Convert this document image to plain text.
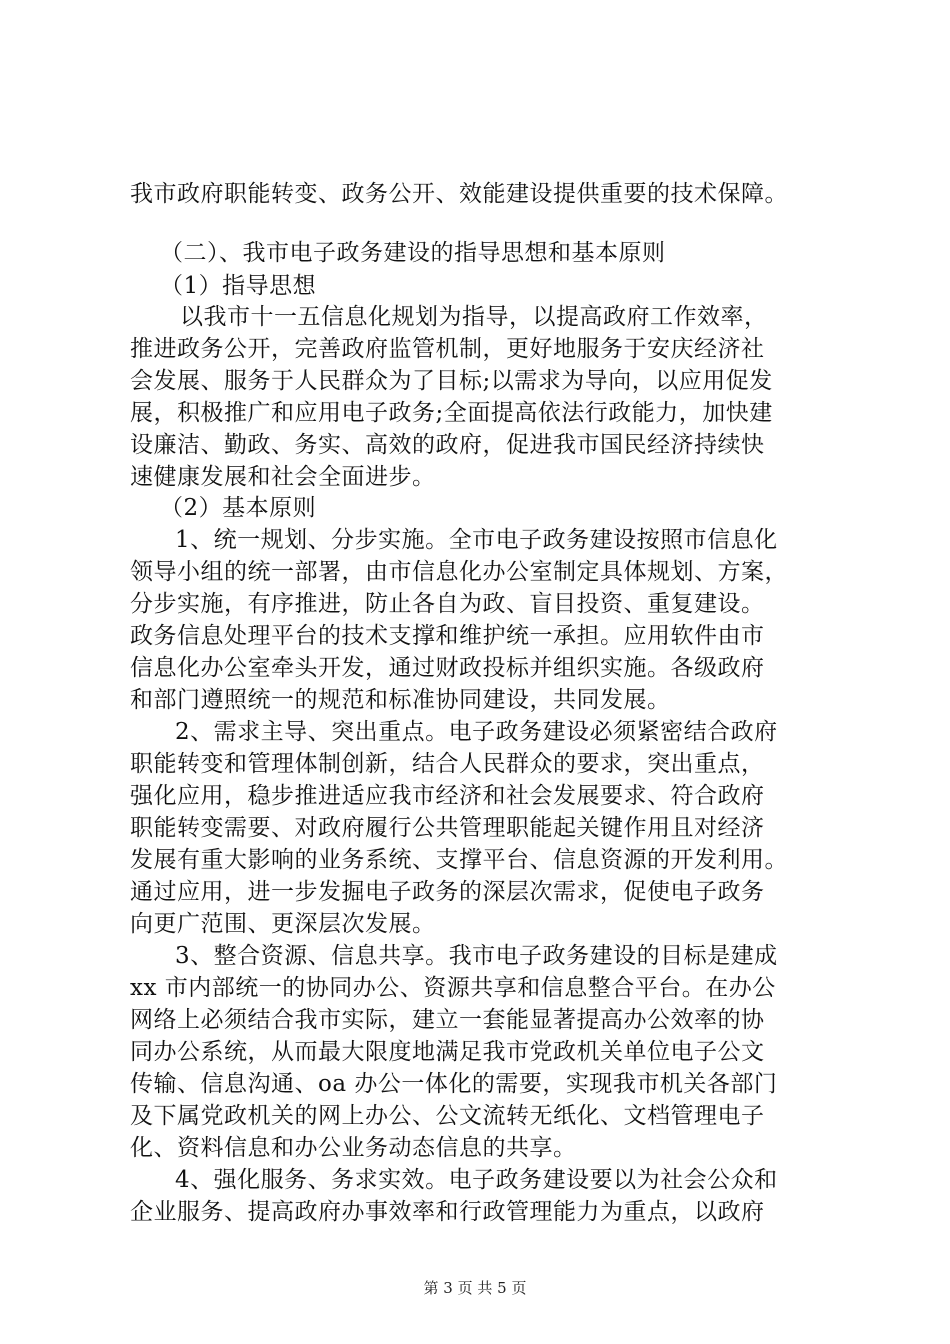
我市政府职能转变、政务公开、效能建设提供重要的技术保障。
（二）、我市电子政务建设的指导思想和基本原则
（1）指导思想
以我市十一五信息化规划为指导，以提高政府工作效率，
推进政务公开，完善政府监管机制，更好地服务于安庆经济社
会发展、服务于人民群众为了目标;以需求为导向，以应用促发
展，积极推广和应用电子政务;全面提高依法行政能力，加快建
设廉洁、勤政、务实、高效的政府，促进我市国民经济持续快
速健康发展和社会全面进步。
（2）基本原则
1、统一规划、分步实施。全市电子政务建设按照市信息化
领导小组的统一部署，由市信息化办公室制定具体规划、方案，
分步实施，有序推进，防止各自为政、盲目投资、重复建设。
政务信息处理平台的技术支撑和维护统一承担。应用软件由市
信息化办公室牵头开发，通过财政投标并组织实施。各级政府
和部门遵照统一的规范和标准协同建设，共同发展。
2、需求主导、突出重点。电子政务建设必须紧密结合政府
职能转变和管理体制创新，结合人民群众的要求，突出重点，
强化应用，稳步推进适应我市经济和社会发展要求、符合政府
职能转变需要、对政府履行公共管理职能起关键作用且对经济
发展有重大影响的业务系统、支撑平台、信息资源的开发利用。
通过应用，进一步发掘电子政务的深层次需求，促使电子政务
向更广范围、更深层次发展。
3、整合资源、信息共享。我市电子政务建设的目标是建成
xx 市内部统一的协同办公、资源共享和信息整合平台。在办公
网络上必须结合我市实际，建立一套能显著提高办公效率的协
同办公系统，从而最大限度地满足我市党政机关单位电子公文
传输、信息沟通、oa 办公一体化的需要，实现我市机关各部门
及下属党政机关的网上办公、公文流转无纸化、文档管理电子
化、资料信息和办公业务动态信息的共享。
4、强化服务、务求实效。电子政务建设要以为社会公众和
企业服务、提高政府办事效率和行政管理能力为重点，以政府
第 3 页 共 5 页
